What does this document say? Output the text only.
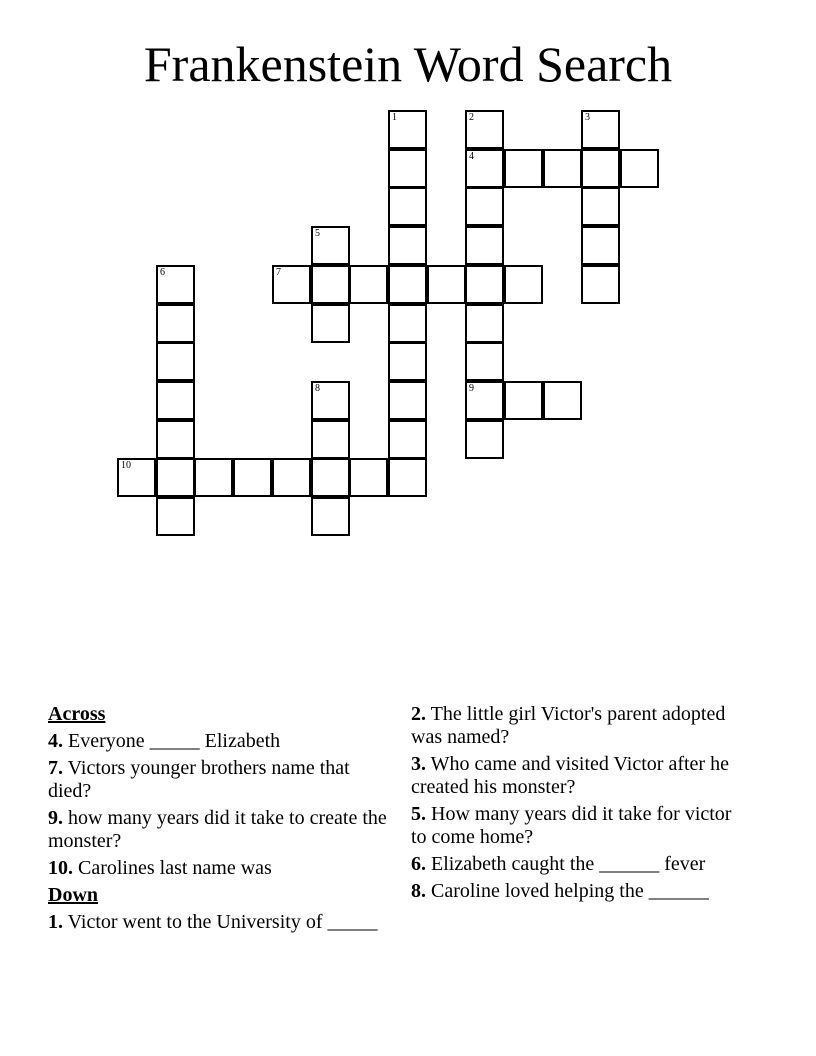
Frankenstein Word Search
1	2	3
4
5
6	7
8	9
10
Across
4. Everyone _____ Elizabeth
7. Victors younger brothers name that died?
9. how many years did it take to create the monster?
10. Carolines last name was
Down
1. Victor went to the University of _____
2. The little girl Victor's parent adopted was named?
3. Who came and visited Victor after he created his monster?
5. How many years did it take for victor to come home?
6. Elizabeth caught the ______ fever
8. Caroline loved helping the ______
